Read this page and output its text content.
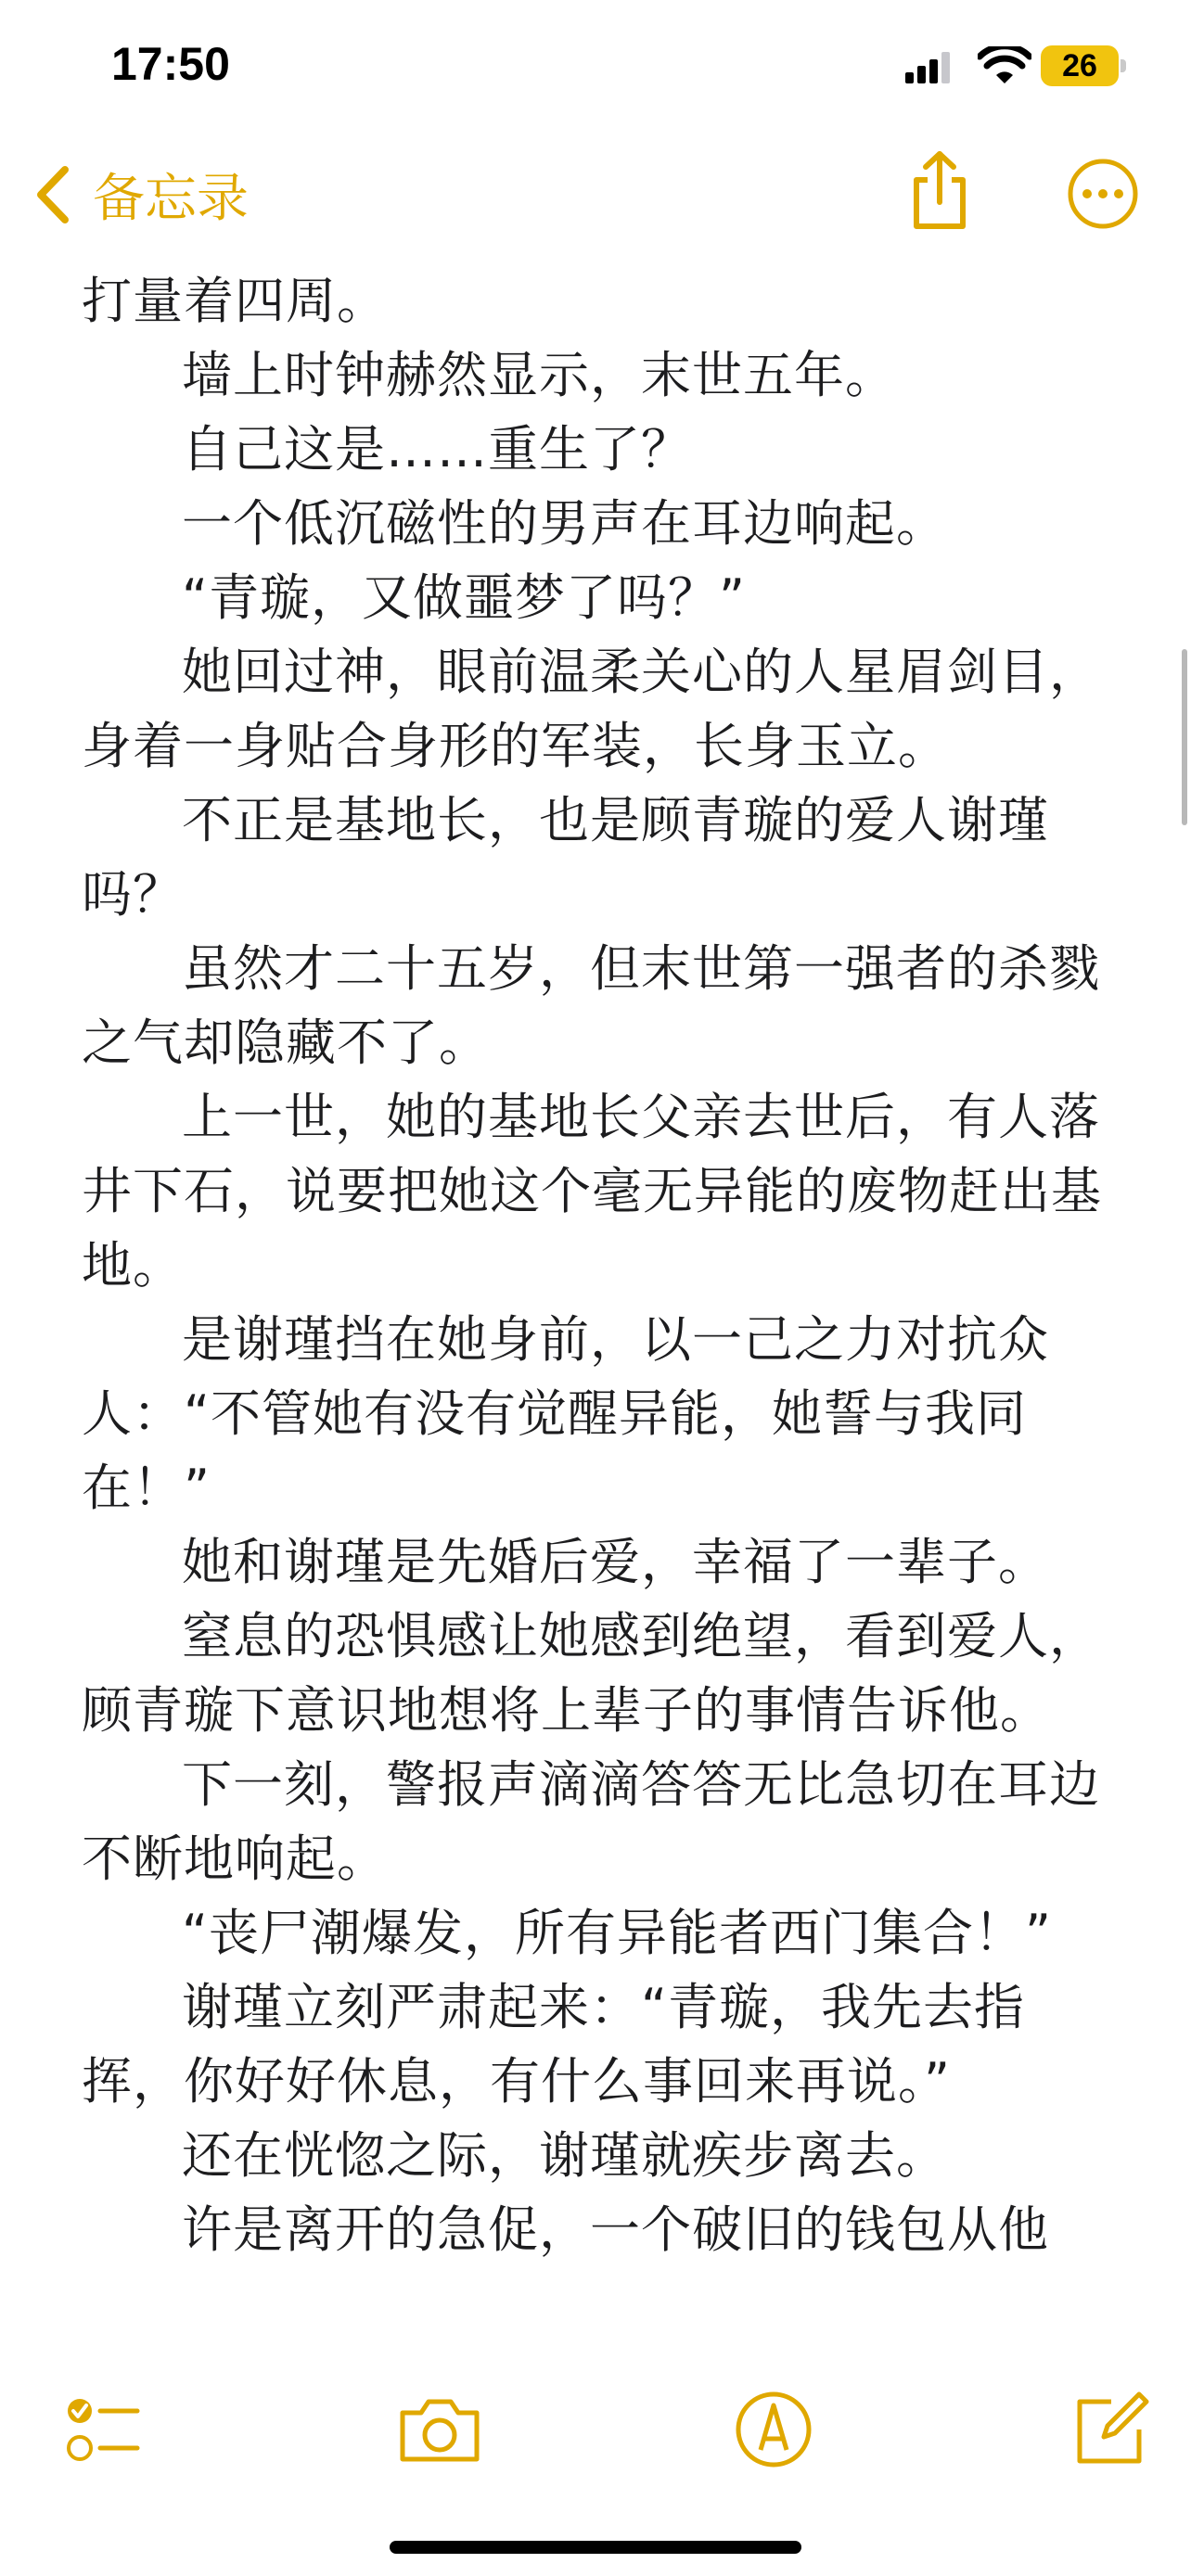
17:50	26
备忘录

打量着四周。

墙上时钟赫然显示，末世五年。

自己这是……重生了？

一个低沉磁性的男声在耳边响起。

“青璇，又做噩梦了吗？”

她回过神，眼前温柔关心的人星眉剑目，身着一身贴合身形的军装，长身玉立。

不正是基地长，也是顾青璇的爱人谢瑾吗？

虽然才二十五岁，但末世第一强者的杀戮之气却隐藏不了。

上一世，她的基地长父亲去世后，有人落井下石，说要把她这个毫无异能的废物赶出基地。

是谢瑾挡在她身前，以一己之力对抗众人：“不管她有没有觉醒异能，她誓与我同在！”

她和谢瑾是先婚后爱，幸福了一辈子。

窒息的恐惧感让她感到绝望，看到爱人，顾青璇下意识地想将上辈子的事情告诉他。

下一刻，警报声滴滴答答无比急切在耳边不断地响起。

“丧尸潮爆发，所有异能者西门集合！”

谢瑾立刻严肃起来：“青璇，我先去指挥，你好好休息，有什么事回来再说。”

还在恍惚之际，谢瑾就疾步离去。

许是离开的急促，一个破旧的钱包从他
